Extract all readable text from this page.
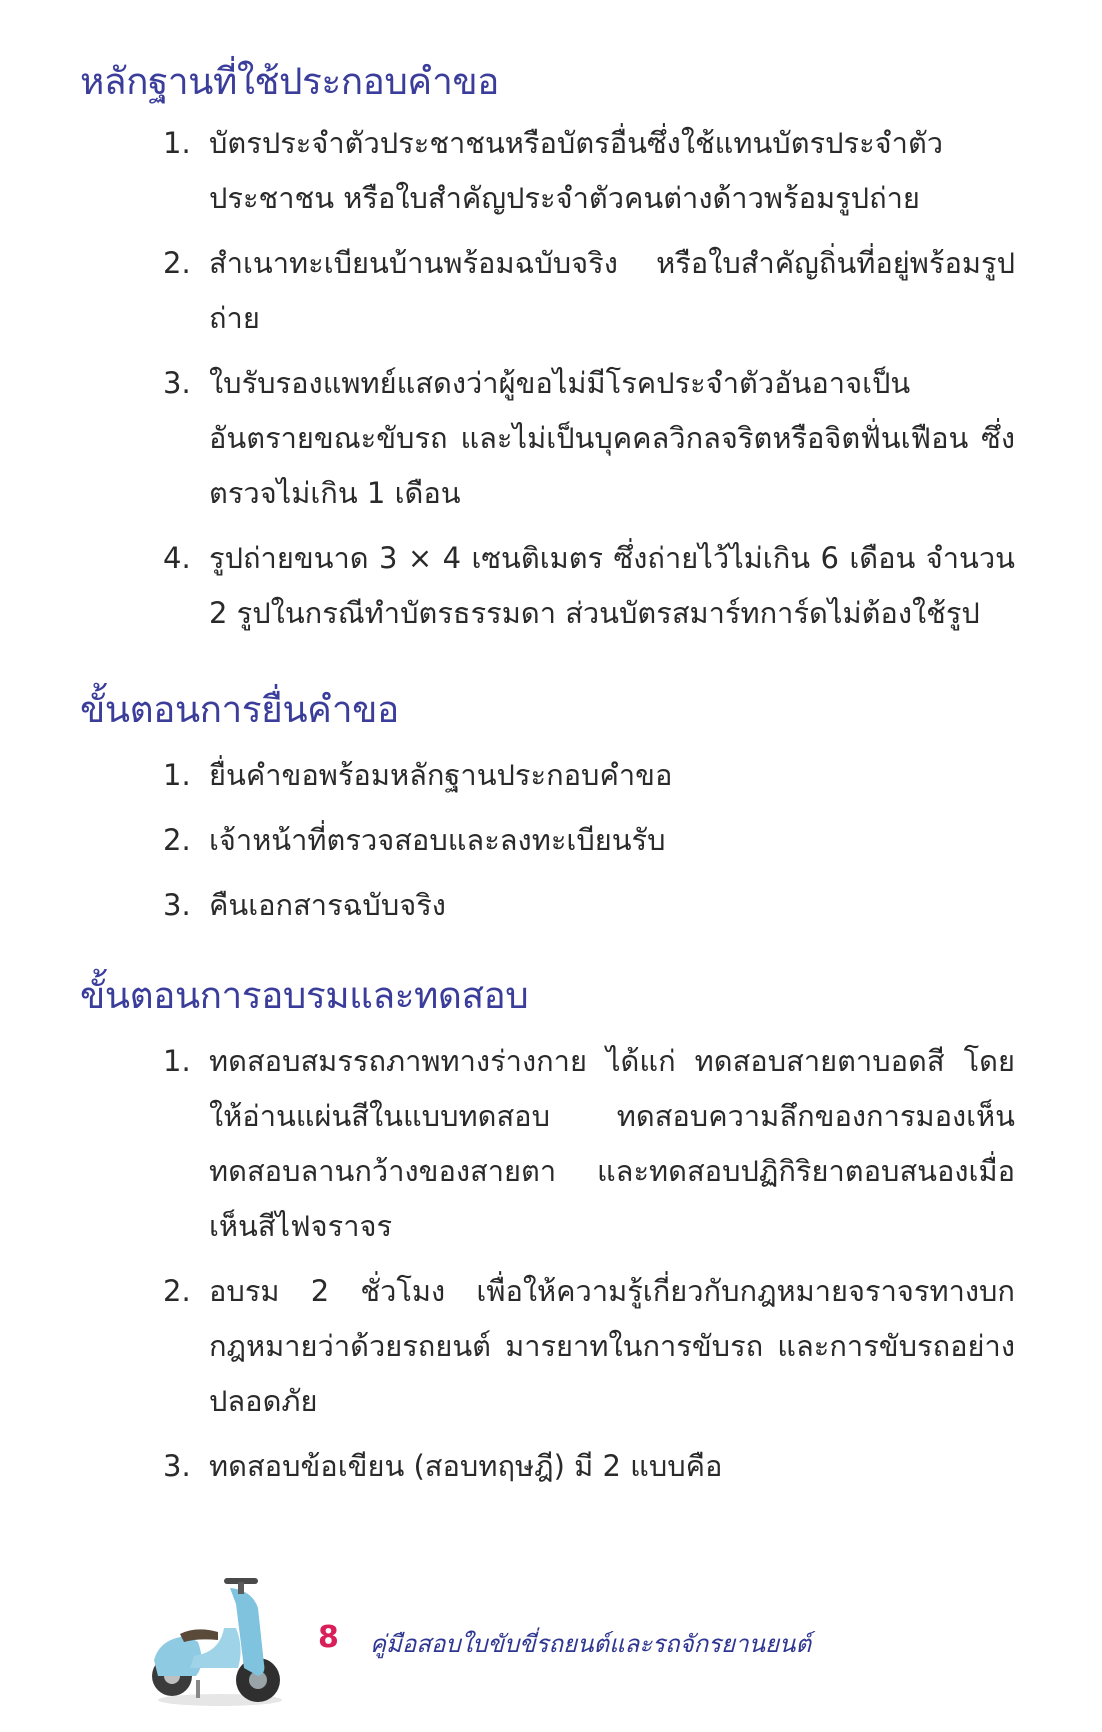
หลักฐานที่ใช้ประกอบคำขอ
1. บัตรประจำตัวประชาชนหรือบัตรอื่นซึ่งใช้แทนบัตรประจำตัวประชาชน หรือใบสำคัญประจำตัวคนต่างด้าวพร้อมรูปถ่าย
2. สำเนาทะเบียนบ้านพร้อมฉบับจริง หรือใบสำคัญถิ่นที่อยู่พร้อมรูปถ่าย
3. ใบรับรองแพทย์แสดงว่าผู้ขอไม่มีโรคประจำตัวอันอาจเป็นอันตรายขณะขับรถ และไม่เป็นบุคคลวิกลจริตหรือจิตฟั่นเฟือน ซึ่งตรวจไม่เกิน 1 เดือน
4. รูปถ่ายขนาด 3 × 4 เซนติเมตร ซึ่งถ่ายไว้ไม่เกิน 6 เดือน จำนวน 2 รูปในกรณีทำบัตรธรรมดา ส่วนบัตรสมาร์ทการ์ดไม่ต้องใช้รูป
ขั้นตอนการยื่นคำขอ
1. ยื่นคำขอพร้อมหลักฐานประกอบคำขอ
2. เจ้าหน้าที่ตรวจสอบและลงทะเบียนรับ
3. คืนเอกสารฉบับจริง
ขั้นตอนการอบรมและทดสอบ
1. ทดสอบสมรรถภาพทางร่างกาย ได้แก่ ทดสอบสายตาบอดสี โดยให้อ่านแผ่นสีในแบบทดสอบ ทดสอบความลึกของการมองเห็น ทดสอบลานกว้างของสายตา และทดสอบปฏิกิริยาตอบสนองเมื่อเห็นสีไฟจราจร
2. อบรม 2 ชั่วโมง เพื่อให้ความรู้เกี่ยวกับกฎหมายจราจรทางบก กฎหมายว่าด้วยรถยนต์ มารยาทในการขับรถ และการขับรถอย่างปลอดภัย
3. ทดสอบข้อเขียน (สอบทฤษฎี) มี 2 แบบคือ
8 คู่มือสอบใบขับขี่รถยนต์และรถจักรยานยนต์
